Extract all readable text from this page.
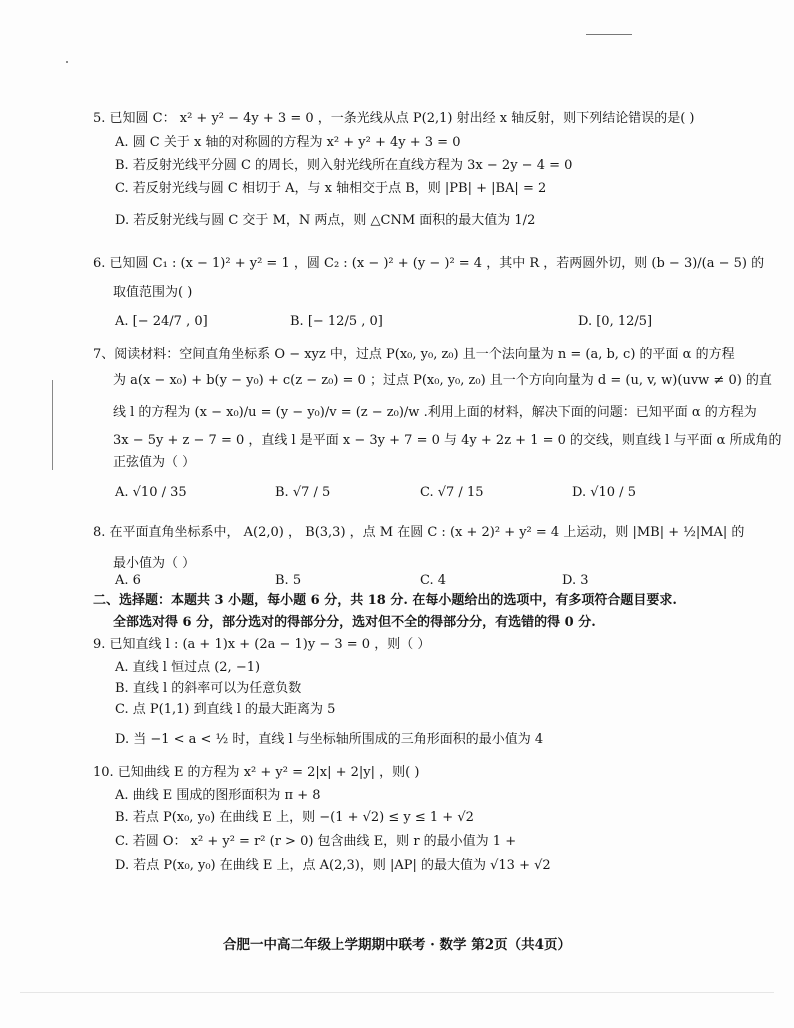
5. 已知圆 C： x² + y² − 4y + 3 = 0 ，一条光线从点 P(2,1) 射出经 x 轴反射，则下列结论错误的是( )
A. 圆 C 关于 x 轴的对称圆的方程为 x² + y² + 4y + 3 = 0
B. 若反射光线平分圆 C 的周长，则入射光线所在直线方程为 3x − 2y − 4 = 0
C. 若反射光线与圆 C 相切于 A，与 x 轴相交于点 B，则 |PB| + |BA| = 2
D. 若反射光线与圆 C 交于 M，N 两点，则 △CNM 面积的最大值为 1/2
6. 已知圆 C₁ : (x − 1)² + y² = 1 ，圆 C₂ : (x − )² + (y − )² = 4 ，其中 R ，若两圆外切，则 (b − 3)/(a − 5) 的
取值范围为( )
A. [− 24/7 , 0]	B. [− 12/5 , 0]	D. [0, 12/5]
7、阅读材料：空间直角坐标系 O − xyz 中，过点 P(x₀, y₀, z₀) 且一个法向量为 n = (a, b, c) 的平面 α 的方程
为 a(x − x₀) + b(y − y₀) + c(z − z₀) = 0 ；过点 P(x₀, y₀, z₀) 且一个方向向量为 d = (u, v, w)(uvw ≠ 0) 的直
线 l 的方程为 (x − x₀)/u = (y − y₀)/v = (z − z₀)/w .利用上面的材料，解决下面的问题：已知平面 α 的方程为
3x − 5y + z − 7 = 0 ，直线 l 是平面 x − 3y + 7 = 0 与 4y + 2z + 1 = 0 的交线，则直线 l 与平面 α 所成角的
正弦值为（ ）
A. √10 / 35	B. √7 / 5	C. √7 / 15	D. √10 / 5
8. 在平面直角坐标系中， A(2,0) ， B(3,3) ，点 M 在圆 C : (x + 2)² + y² = 4 上运动，则 |MB| + ½|MA| 的
最小值为（ ）
A. 6	B. 5	C. 4	D. 3
二、选择题：本题共 3 小题，每小题 6 分，共 18 分. 在每小题给出的选项中，有多项符合题目要求.
全部选对得 6 分，部分选对的得部分分，选对但不全的得部分分，有选错的得 0 分.
9. 已知直线 l : (a + 1)x + (2a − 1)y − 3 = 0 ，则（ ）
A. 直线 l 恒过点 (2, −1)
B. 直线 l 的斜率可以为任意负数
C. 点 P(1,1) 到直线 l 的最大距离为 5
D. 当 −1 < a < ½ 时，直线 l 与坐标轴所围成的三角形面积的最小值为 4
10. 已知曲线 E 的方程为 x² + y² = 2|x| + 2|y| ，则( )
A. 曲线 E 围成的图形面积为 π + 8
B. 若点 P(x₀, y₀) 在曲线 E 上，则 −(1 + √2) ≤ y ≤ 1 + √2
C. 若圆 O： x² + y² = r² (r > 0) 包含曲线 E，则 r 的最小值为 1 +
D. 若点 P(x₀, y₀) 在曲线 E 上，点 A(2,3)，则 |AP| 的最大值为 √13 + √2
合肥一中高二年级上学期期中联考 · 数学 第2页（共4页）
